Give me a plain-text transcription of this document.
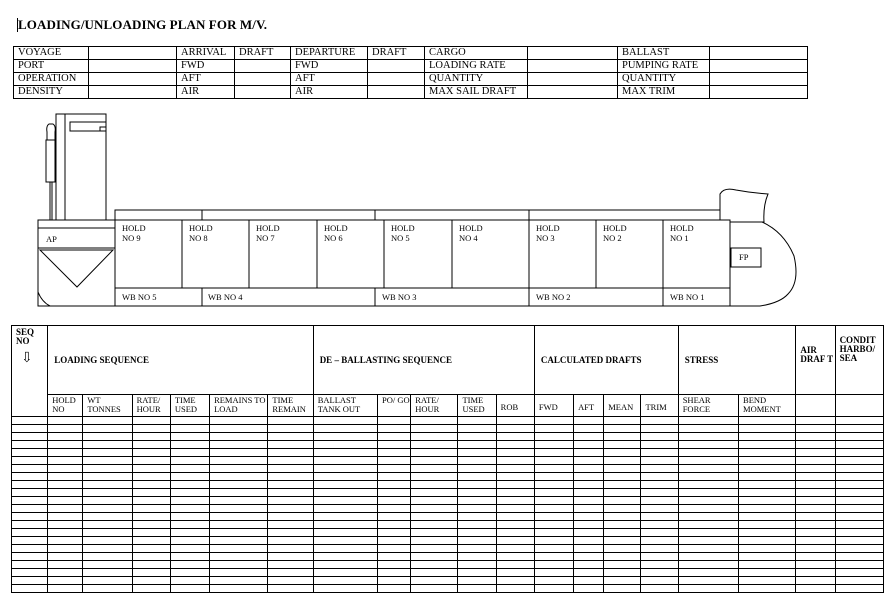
LOADING/UNLOADING PLAN FOR M/V.
VOYAGE		ARRIVAL	DRAFT	DEPARTURE	DRAFT	CARGO		BALLAST	
PORT		FWD		FWD		LOADING RATE		PUMPING RATE	
OPERATION		AFT		AFT		QUANTITY		QUANTITY	
DENSITY		AIR		AIR		MAX SAIL DRAFT		MAX TRIM	
AP
FP
HOLD NO 9
HOLD NO 8
HOLD NO 7
HOLD NO 6
HOLD NO 5
HOLD NO 4
HOLD NO 3
HOLD NO 2
HOLD NO 1
WB NO 5	WB NO 4	WB NO 3	WB NO 2	WB NO 1
SEQ NO
⇩	LOADING SEQUENCE						DE – BALLASTING SEQUENCE					CALCULATED DRAFTS				STRESS		AIR DRAF T	CONDIT HARBO/ SEA
	HOLD NO	WT TONNES	RATE/ HOUR	TIME USED	REMAINS TO LOAD	TIME REMAIN	BALLAST TANK OUT	PO/ GO	RATE/ HOUR	TIME USED	ROB	FWD	AFT	MEAN	TRIM	SHEAR FORCE	BEND MOMENT		
